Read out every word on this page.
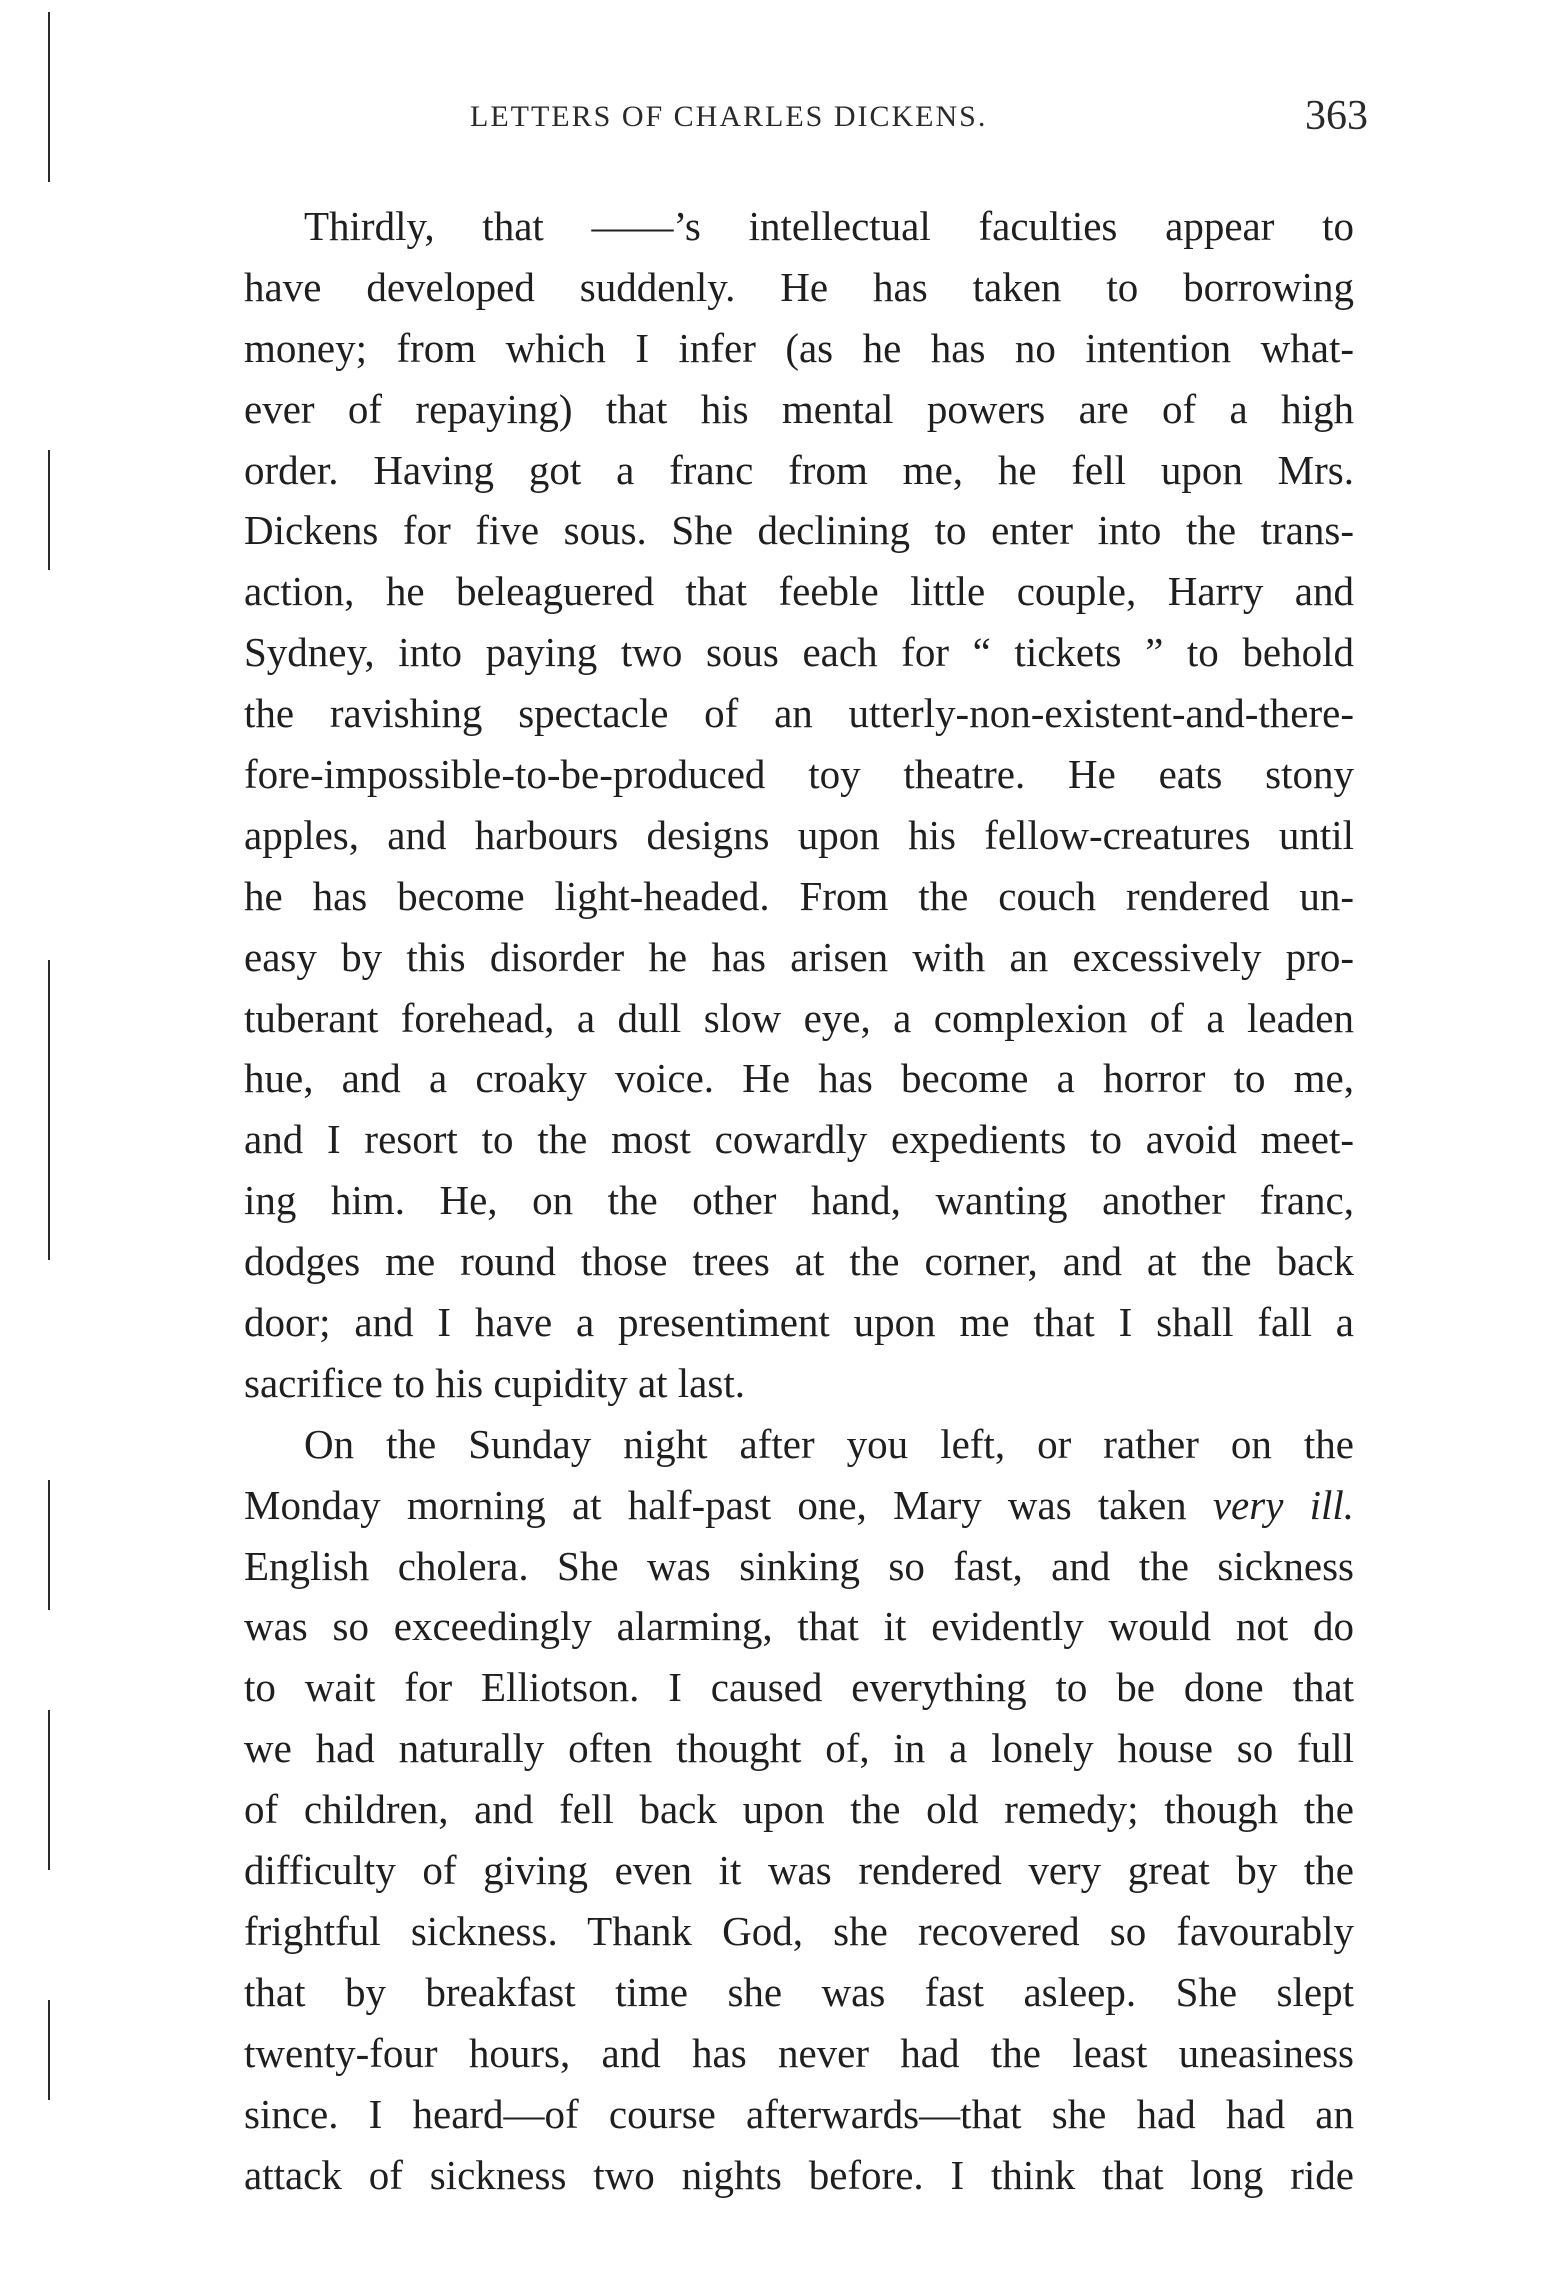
LETTERS OF CHARLES DICKENS.	363
Thirdly, that ——’s intellectual faculties appear to
have developed suddenly. He has taken to borrowing
money; from which I infer (as he has no intention what-
ever of repaying) that his mental powers are of a high
order. Having got a franc from me, he fell upon Mrs.
Dickens for five sous. She declining to enter into the trans-
action, he beleaguered that feeble little couple, Harry and
Sydney, into paying two sous each for “ tickets ” to behold
the ravishing spectacle of an utterly-non-existent-and-there-
fore-impossible-to-be-produced toy theatre. He eats stony
apples, and harbours designs upon his fellow-creatures until
he has become light-headed. From the couch rendered un-
easy by this disorder he has arisen with an excessively pro-
tuberant forehead, a dull slow eye, a complexion of a leaden
hue, and a croaky voice. He has become a horror to me,
and I resort to the most cowardly expedients to avoid meet-
ing him. He, on the other hand, wanting another franc,
dodges me round those trees at the corner, and at the back
door; and I have a presentiment upon me that I shall fall a
sacrifice to his cupidity at last.
On the Sunday night after you left, or rather on the
Monday morning at half-past one, Mary was taken very ill.
English cholera. She was sinking so fast, and the sickness
was so exceedingly alarming, that it evidently would not do
to wait for Elliotson. I caused everything to be done that
we had naturally often thought of, in a lonely house so full
of children, and fell back upon the old remedy; though the
difficulty of giving even it was rendered very great by the
frightful sickness. Thank God, she recovered so favourably
that by breakfast time she was fast asleep. She slept
twenty-four hours, and has never had the least uneasiness
since. I heard—of course afterwards—that she had had an
attack of sickness two nights before. I think that long ride
